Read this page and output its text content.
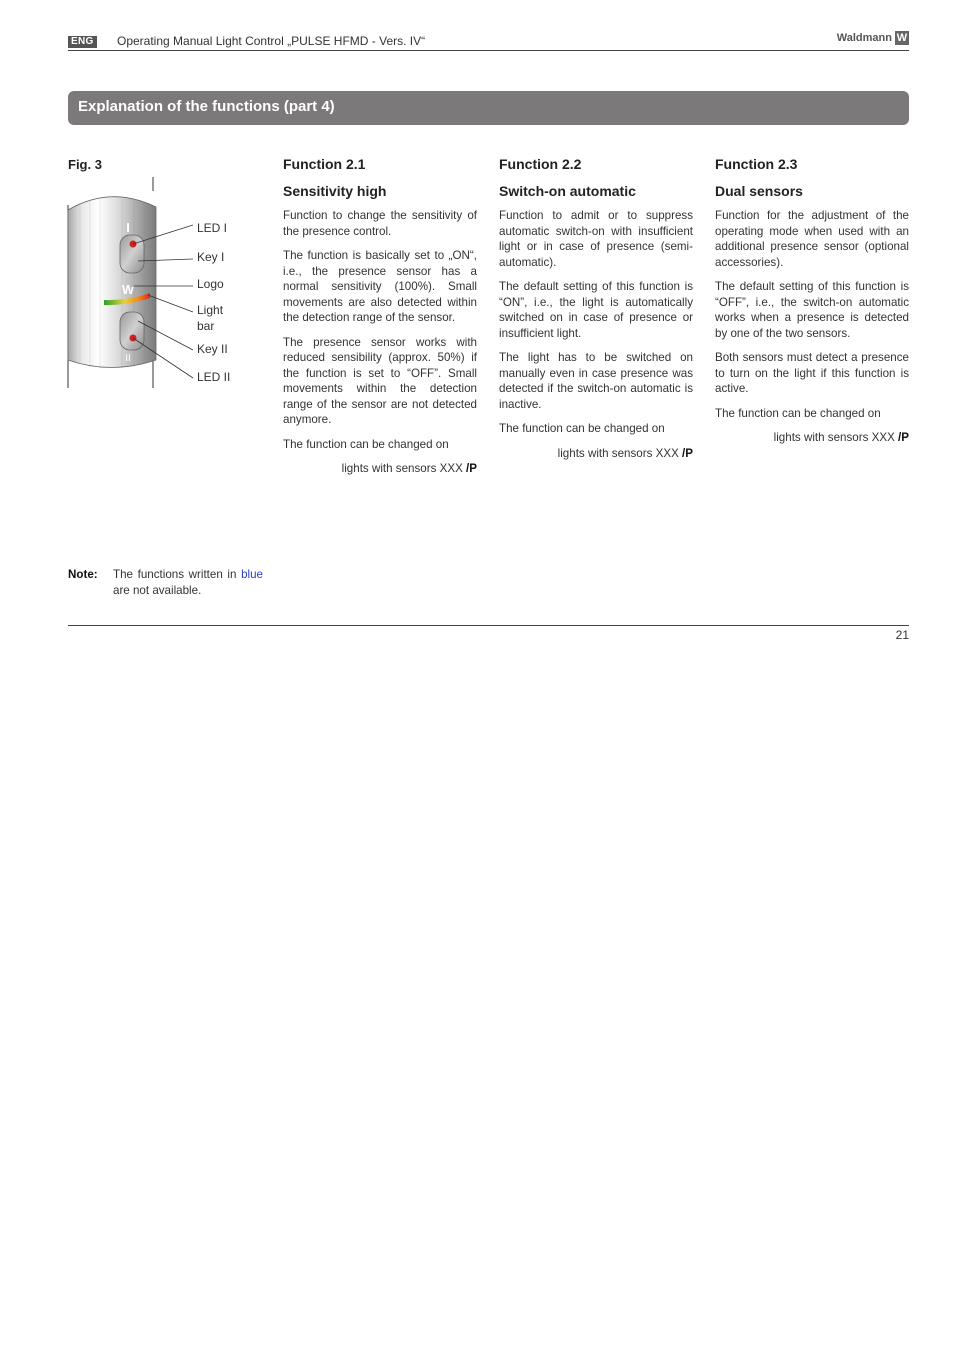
ENG Operating Manual Light Control „PULSE HFMD - Vers. IV“	Waldmann W
Explanation of the functions (part 4)
Fig. 3
I
W
II
LED I
Key I
Logo
Light
bar
Key II
LED II
Function 2.1
Sensitivity high

Function to change the sensitivity of the presence control.

The function is basically set to „ON“, i.e., the presence sensor has a normal sensitivity (100%). Small movements are also detected within the detection range of the sensor.

The presence sensor works with reduced sensibility (approx. 50%) if the function is set to “OFF”. Small movements within the detection range of the sensor are not detected anymore.

The function can be changed on

lights with sensors XXX /P

Function 2.2
Switch-on automatic

Function to admit or to suppress automatic switch-on with insufficient light or in case of presence (semi-automatic).

The default setting of this function is “ON”, i.e., the light is automatically switched on in case of presence or insufficient light.

The light has to be switched on manually even in case presence was detected if the switch-on automatic is inactive.

The function can be changed on

lights with sensors XXX /P

Function 2.3
Dual sensors

Function for the adjustment of the operating mode when used with an additional presence sensor (optional accessories).

The default setting of this function is “OFF”, i.e., the switch-on automatic works when a presence is detected by one of the two sensors.

Both sensors must detect a presence to turn on the light if this function is active.

The function can be changed on

lights with sensors XXX /P

Note: The functions written in blue are not available.
21
